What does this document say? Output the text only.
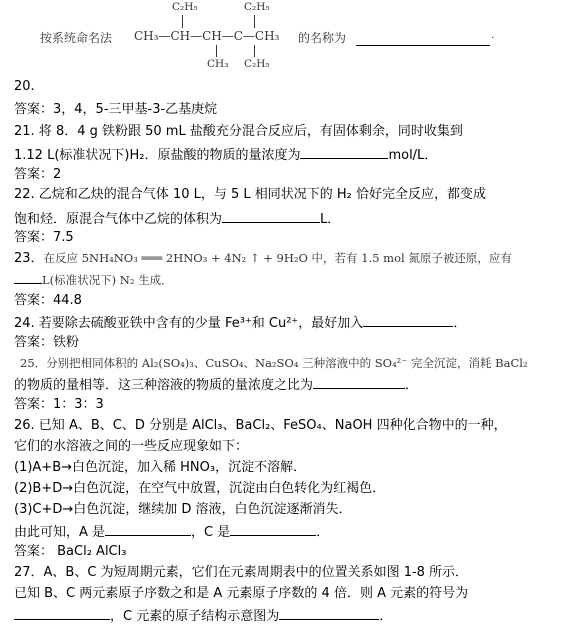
C₂H₅	C₂H₅
按系统命名法 CH₃—CH—CH—C—CH₃ 的名称为	.
CH₃ C₂H₅
20.
答案：3，4，5-三甲基-3-乙基庚烷
21. 将 8．4 g 铁粉跟 50 mL 盐酸充分混合反应后，有固体剩余，同时收集到
1.12 L(标准状况下)H₂．原盐酸的物质的量浓度为	mol/L．
答案：2
22. 乙烷和乙炔的混合气体 10 L，与 5 L 相同状况下的 H₂ 恰好完全反应，都变成
饱和烃．原混合气体中乙烷的体积为	L．
答案：7.5
23．在反应 5NH₄NO₃ ═══ 2HNO₃ + 4N₂ ↑ + 9H₂O 中，若有 1.5 mol 氮原子被还原，应有
L(标准状况下) N₂ 生成．
答案：44.8
24. 若要除去硫酸亚铁中含有的少量 Fe³⁺和 Cu²⁺，最好加入	．
答案：铁粉
25．分别把相同体积的 Al₂(SO₄)₃、CuSO₄、Na₂SO₄ 三种溶液中的 SO₄²⁻ 完全沉淀，消耗 BaCl₂
的物质的量相等．这三种溶液的物质的量浓度之比为	．
答案：1：3：3
26. 已知 A、B、C、D 分别是 AlCl₃、BaCl₂、FeSO₄、NaOH 四种化合物中的一种，
它们的水溶液之间的一些反应现象如下：
(1)A+B→白色沉淀，加入稀 HNO₃，沉淀不溶解．
(2)B+D→白色沉淀，在空气中放置，沉淀由白色转化为红褐色．
(3)C+D→白色沉淀，继续加 D 溶液，白色沉淀逐渐消失．
由此可知，A 是	，C 是	．
答案： BaCl₂ AlCl₃
27．A、B、C 为短周期元素，它们在元素周期表中的位置关系如图 1-8 所示．
已知 B、C 两元素原子序数之和是 A 元素原子序数的 4 倍．则 A 元素的符号为
，C 元素的原子结构示意图为	．
